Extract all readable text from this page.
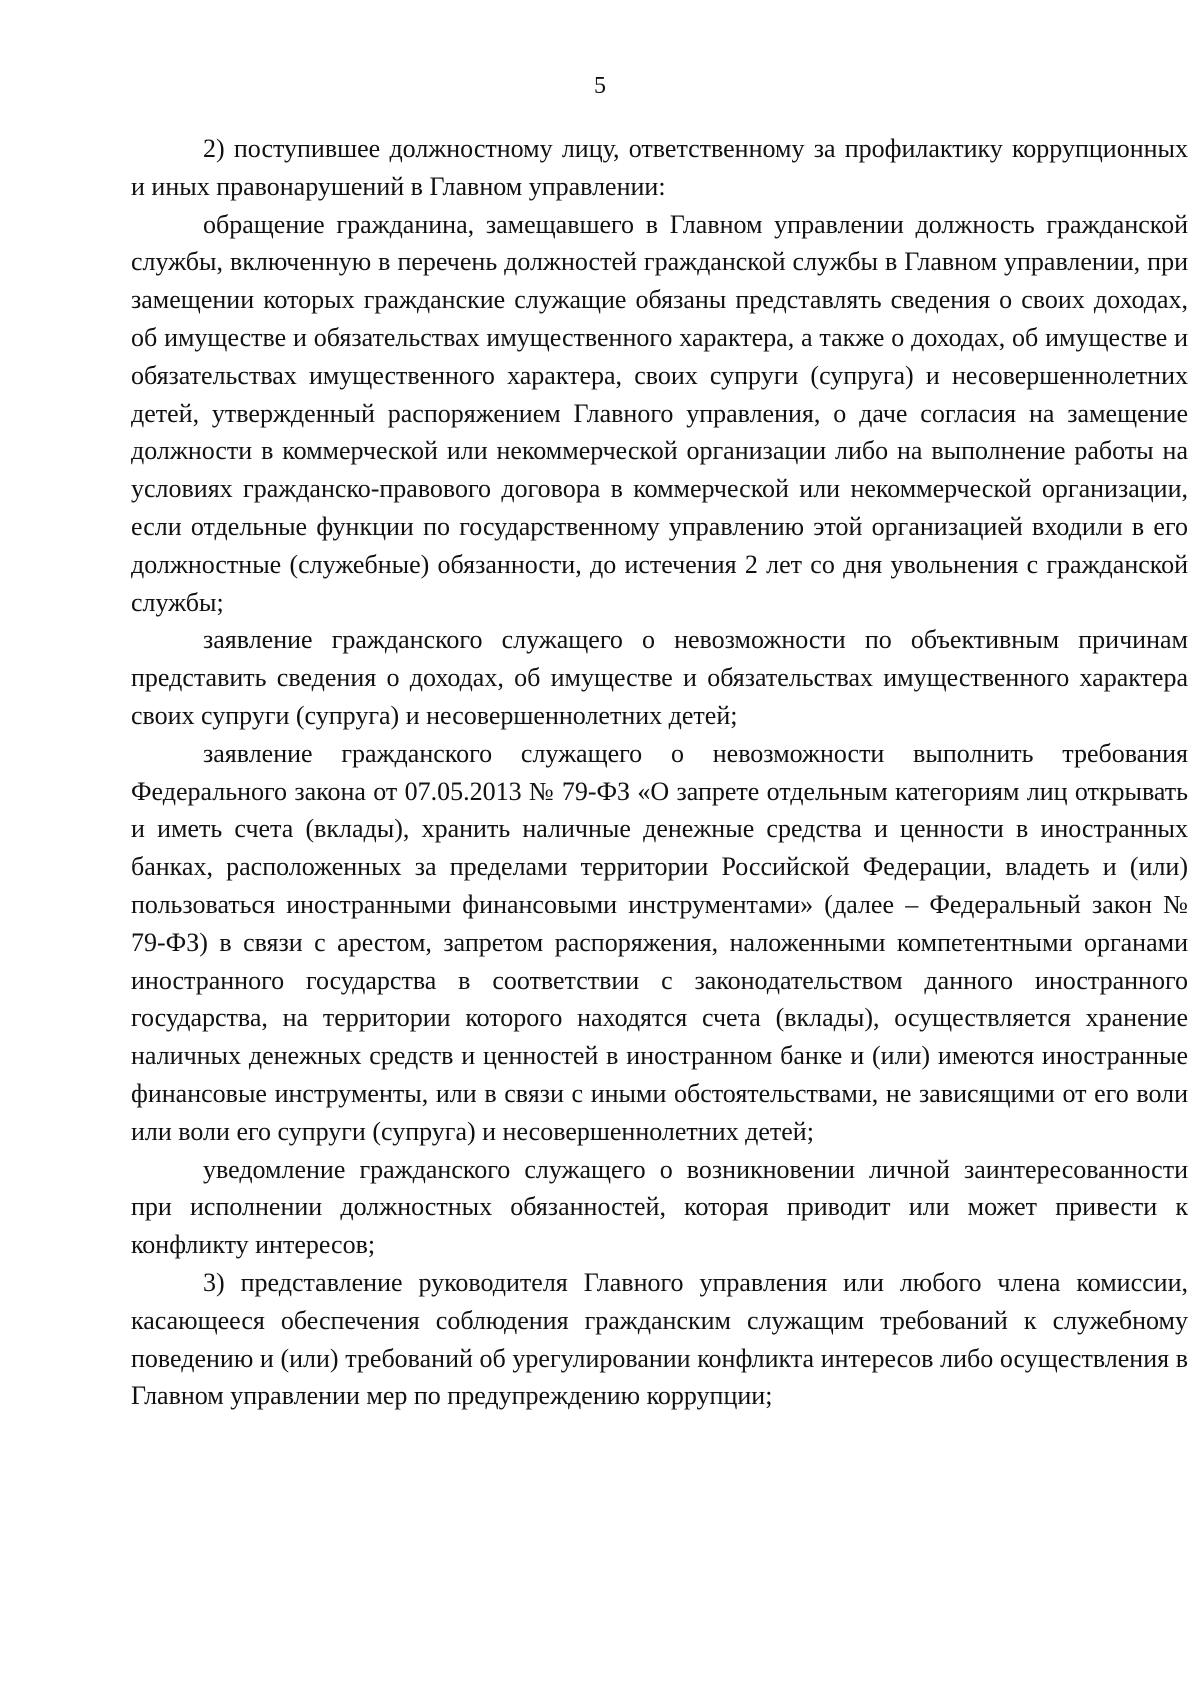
5

2) поступившее должностному лицу, ответственному за профилактику коррупционных и иных правонарушений в Главном управлении:

обращение гражданина, замещавшего в Главном управлении должность гражданской службы, включенную в перечень должностей гражданской службы в Главном управлении, при замещении которых гражданские служащие обязаны представлять сведения о своих доходах, об имуществе и обязательствах имущественного характера, а также о доходах, об имуществе и обязательствах имущественного характера, своих супруги (супруга) и несовершеннолетних детей, утвержденный распоряжением Главного управления, о даче согласия на замещение должности в коммерческой или некоммерческой организации либо на выполнение работы на условиях гражданско-правового договора в коммерческой или некоммерческой организации, если отдельные функции по государственному управлению этой организацией входили в его должностные (служебные) обязанности, до истечения 2 лет со дня увольнения с гражданской службы;

заявление гражданского служащего о невозможности по объективным причинам представить сведения о доходах, об имуществе и обязательствах имущественного характера своих супруги (супруга) и несовершеннолетних детей;

заявление гражданского служащего о невозможности выполнить требования Федерального закона от 07.05.2013 № 79-ФЗ «О запрете отдельным категориям лиц открывать и иметь счета (вклады), хранить наличные денежные средства и ценности в иностранных банках, расположенных за пределами территории Российской Федерации, владеть и (или) пользоваться иностранными финансовыми инструментами» (далее – Федеральный закон № 79-ФЗ) в связи с арестом, запретом распоряжения, наложенными компетентными органами иностранного государства в соответствии с законодательством данного иностранного государства, на территории которого находятся счета (вклады), осуществляется хранение наличных денежных средств и ценностей в иностранном банке и (или) имеются иностранные финансовые инструменты, или в связи с иными обстоятельствами, не зависящими от его воли или воли его супруги (супруга) и несовершеннолетних детей;

уведомление гражданского служащего о возникновении личной заинтересованности при исполнении должностных обязанностей, которая приводит или может привести к конфликту интересов;

3) представление руководителя Главного управления или любого члена комиссии, касающееся обеспечения соблюдения гражданским служащим требований к служебному поведению и (или) требований об урегулировании конфликта интересов либо осуществления в Главном управлении мер по предупреждению коррупции;
